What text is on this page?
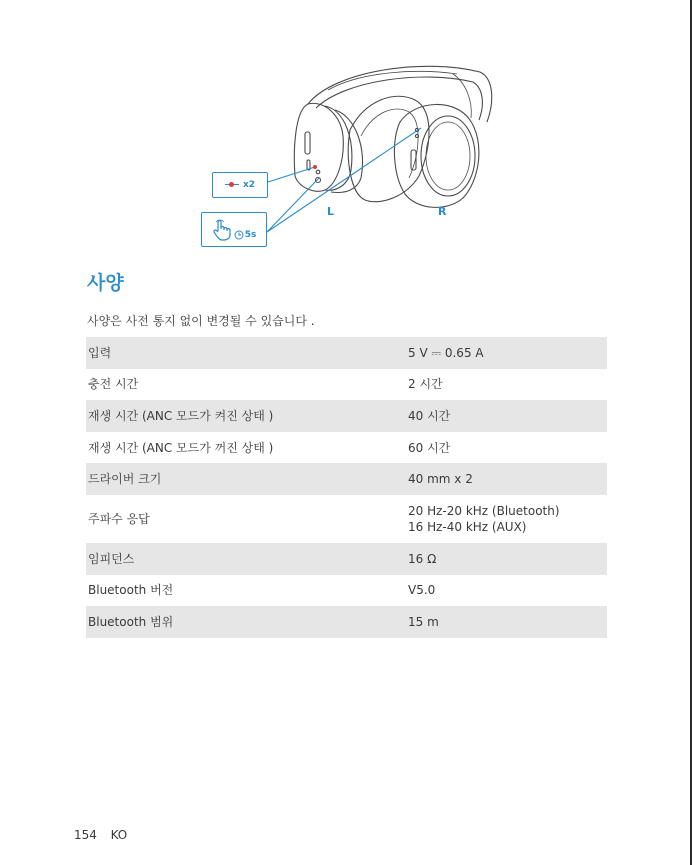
L	R
x2
5s
사양
사양은 사전 통지 없이 변경될 수 있습니다 .
입력	5 V ⎓ 0.65 A
충전 시간	2 시간
재생 시간 (ANC 모드가 켜진 상태 )	40 시간
재생 시간 (ANC 모드가 꺼진 상태 )	60 시간
드라이버 크기	40 mm x 2
주파수 응답	20 Hz-20 kHz (Bluetooth)
16 Hz-40 kHz (AUX)

임피던스	16 Ω
Bluetooth 버전	V5.0
Bluetooth 범위	15 m
154 KO
